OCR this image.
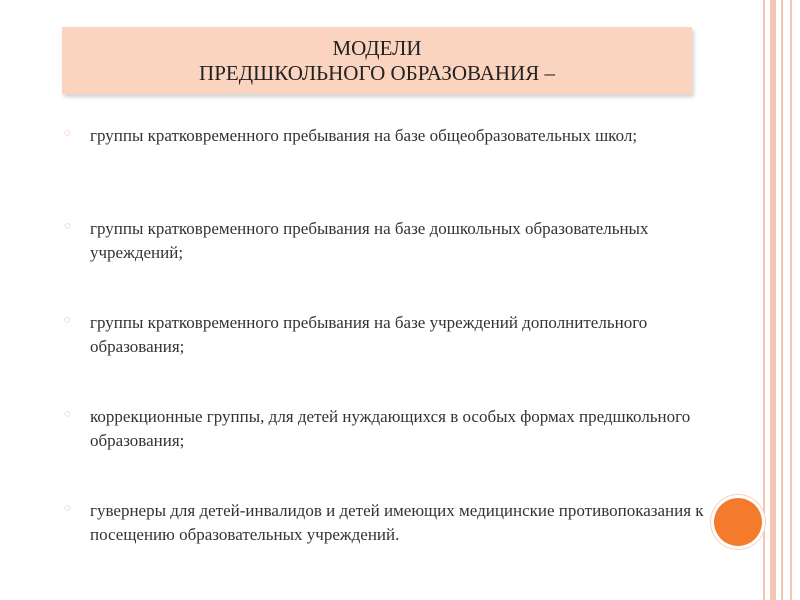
МОДЕЛИ
ПРЕДШКОЛЬНОГО ОБРАЗОВАНИЯ –
◌ группы кратковременного пребывания на базе общеобразовательных школ;
◌ группы кратковременного пребывания на базе дошкольных образовательных учреждений;
◌ группы кратковременного пребывания на базе учреждений дополнительного образования;
◌ коррекционные группы, для детей нуждающихся в особых формах предшкольного образования;
◌ гувернеры для детей-инвалидов и детей имеющих медицинские противопоказания к посещению образовательных учреждений.
